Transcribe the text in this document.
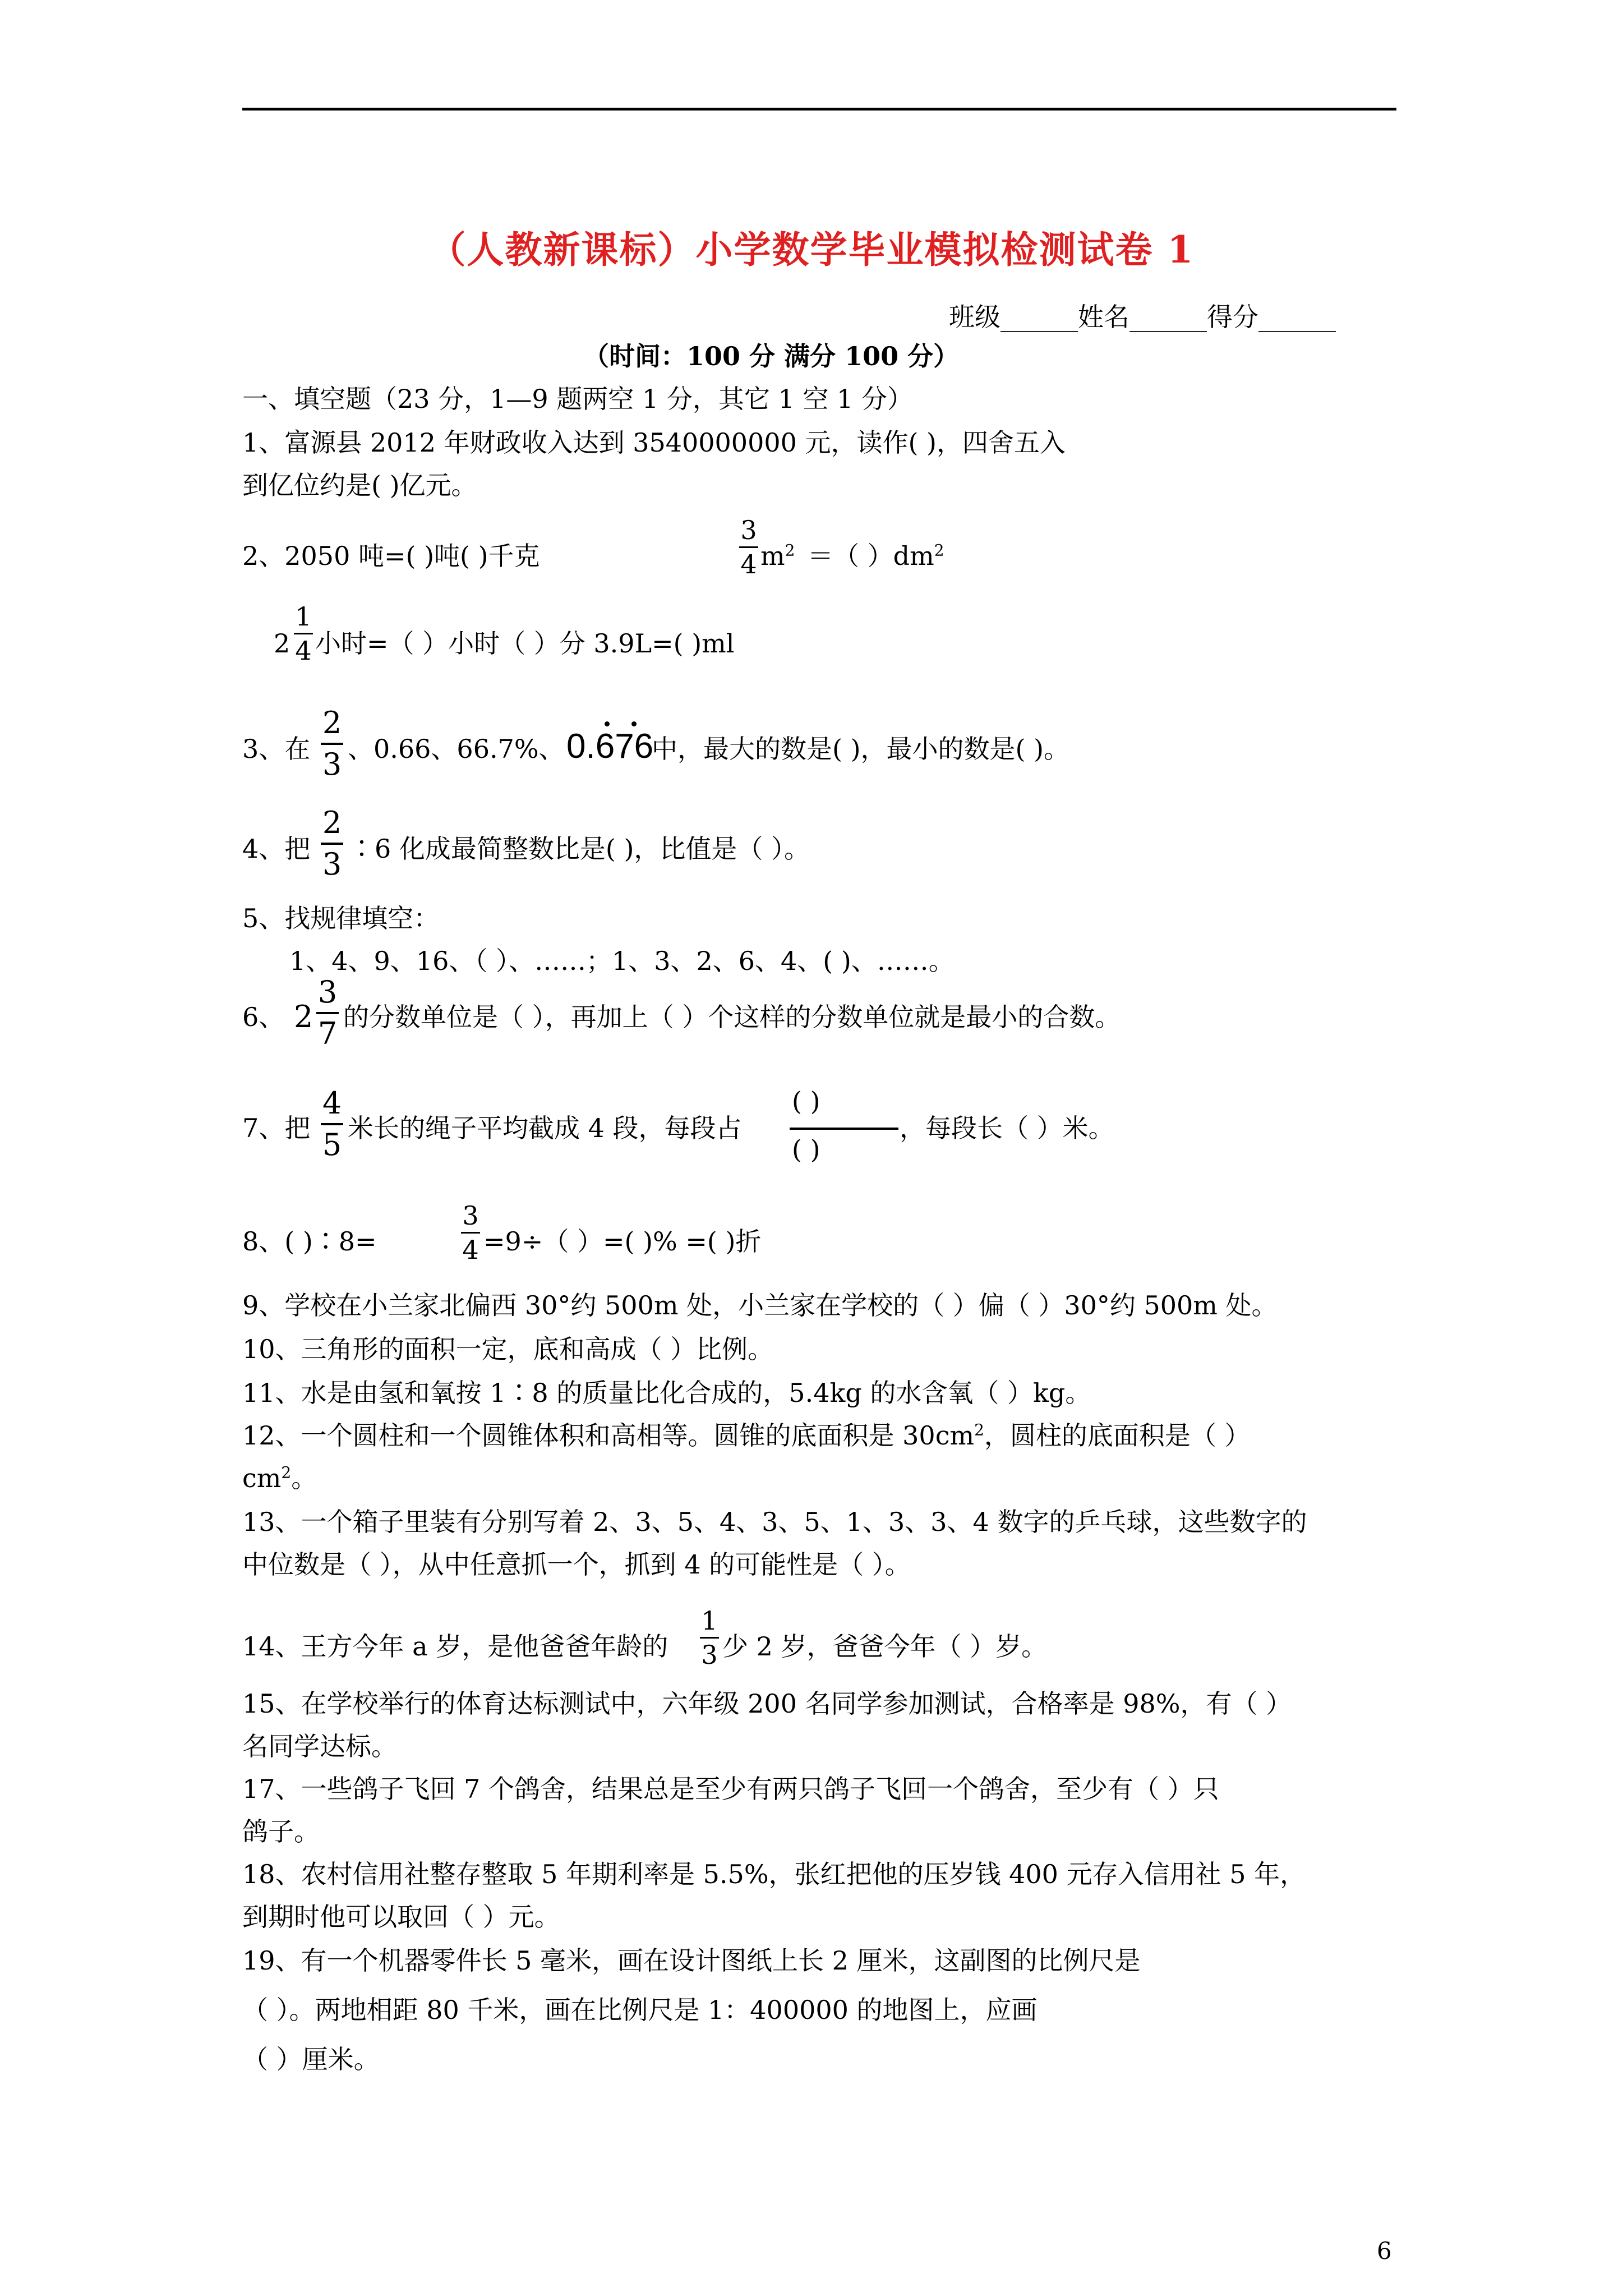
（人教新课标）小学数学毕业模拟检测试卷 1
班级______姓名______得分______
（时间：100 分 满分 100 分）
一、填空题（23 分，1—9 题两空 1 分，其它 1 空 1 分）
1、富源县 2012 年财政收入达到 3540000000 元，读作( )，四舍五入
到亿位约是( )亿元。
2、2050 吨=( )吨( )千克
3
4 $m^2$ ＝（ ）$dm^2$
2
1
4 小时=（ ）小时（ ）分 3.9L=( )ml
3、在
2
3 、0.66、66.7%、 0.676
中，最大的数是( )，最小的数是( )。
4、把
2
3 ∶6 化成最简整数比是( )，比值是（ ）。
5、找规律填空：
1、4、9、16、（ ）、……；1、3、2、6、4、( )、……。
6、 2
3
7 的分数单位是（ ），再加上（ ）个这样的分数单位就是最小的合数。
7、把
4
5 米长的绳子平均截成 4 段，每段占
( )
( )
，每段长（ ）米。
8、( )∶8=
3
4 =9÷（ ）=( )% =( )折
9、学校在小兰家北偏西 30°约 500m 处，小兰家在学校的（ ）偏（ ）30°约 500m 处。
10、三角形的面积一定，底和高成（ ）比例。
11、水是由氢和氧按 1∶8 的质量比化合成的，5.4kg 的水含氧（ ）kg。
12、一个圆柱和一个圆锥体积和高相等。圆锥的底面积是 $30cm^2$，圆柱的底面积是（ ）
$cm^2$。
13、一个箱子里装有分别写着 2、3、5、4、3、5、1、3、3、4 数字的乒乓球，这些数字的
中位数是（ ），从中任意抓一个，抓到 4 的可能性是（ ）。
14、王方今年 a 岁，是他爸爸年龄的
1
3 少 2 岁，爸爸今年（ ）岁。
15、在学校举行的体育达标测试中，六年级 200 名同学参加测试，合格率是 98%，有（ ）
名同学达标。
17、一些鸽子飞回 7 个鸽舍，结果总是至少有两只鸽子飞回一个鸽舍，至少有（ ）只
鸽子。
18、农村信用社整存整取 5 年期利率是 5.5%，张红把他的压岁钱 400 元存入信用社 5 年，
到期时他可以取回（ ）元。
19、有一个机器零件长 5 毫米，画在设计图纸上长 2 厘米，这副图的比例尺是
（ ）。两地相距 80 千米，画在比例尺是 1：400000 的地图上，应画
（ ）厘米。
6
